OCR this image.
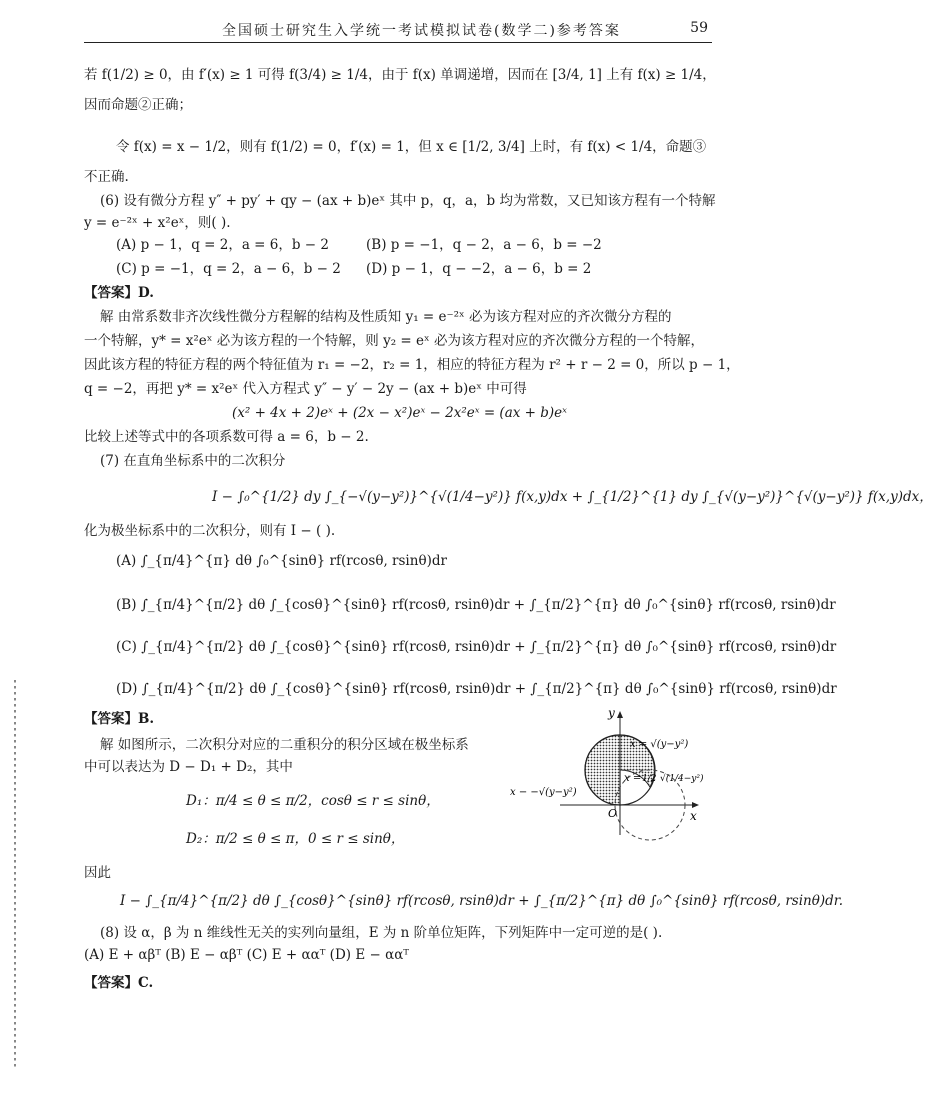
全国硕士研究生入学统一考试模拟试卷(数学二)参考答案	59
若 f(1/2) ≥ 0，由 f′(x) ≥ 1 可得 f(3/4) ≥ 1/4，由于 f(x) 单调递增，因而在 [3/4, 1] 上有 f(x) ≥ 1/4，
因而命题②正确；
令 f(x) = x − 1/2，则有 f(1/2) = 0，f′(x) = 1，但 x ∈ [1/2, 3/4] 上时，有 f(x) < 1/4，命题③
不正确.
(6) 设有微分方程 y″ + py′ + qy − (ax + b)eˣ 其中 p，q，a，b 均为常数，又已知该方程有一个特解
y = e⁻²ˣ + x²eˣ，则( ).
(A) p − 1，q = 2，a = 6，b − 2	(B) p = −1，q − 2，a − 6，b = −2
(C) p = −1，q = 2，a − 6，b − 2 (D) p − 1，q − −2，a − 6，b = 2
【答案】D.
解 由常系数非齐次线性微分方程解的结构及性质知 y₁ = e⁻²ˣ 必为该方程对应的齐次微分方程的
一个特解，y* = x²eˣ 必为该方程的一个特解，则 y₂ = eˣ 必为该方程对应的齐次微分方程的一个特解，
因此该方程的特征方程的两个特征值为 r₁ = −2，r₂ = 1，相应的特征方程为 r² + r − 2 = 0，所以 p − 1，
q = −2，再把 y* = x²eˣ 代入方程式 y″ − y′ − 2y − (ax + b)eˣ 中可得
(x² + 4x + 2)eˣ + (2x − x²)eˣ − 2x²eˣ = (ax + b)eˣ
比较上述等式中的各项系数可得 a = 6，b − 2.
(7) 在直角坐标系中的二次积分
I − ∫₀^{1/2} dy ∫_{−√(y−y²)}^{√(1/4−y²)} f(x,y)dx + ∫_{1/2}^{1} dy ∫_{√(y−y²)}^{√(y−y²)} f(x,y)dx，
化为极坐标系中的二次积分，则有 I − ( ).
(A) ∫_{π/4}^{π} dθ ∫₀^{sinθ} rf(rcosθ, rsinθ)dr
(B) ∫_{π/4}^{π/2} dθ ∫_{cosθ}^{sinθ} rf(rcosθ, rsinθ)dr + ∫_{π/2}^{π} dθ ∫₀^{sinθ} rf(rcosθ, rsinθ)dr
(C) ∫_{π/4}^{π/2} dθ ∫_{cosθ}^{sinθ} rf(rcosθ, rsinθ)dr + ∫_{π/2}^{π} dθ ∫₀^{sinθ} rf(rcosθ, rsinθ)dr
(D) ∫_{π/4}^{π/2} dθ ∫_{cosθ}^{sinθ} rf(rcosθ, rsinθ)dr + ∫_{π/2}^{π} dθ ∫₀^{sinθ} rf(rcosθ, rsinθ)dr
【答案】B.
解 如图所示，二次积分对应的二重积分的积分区域在极坐标系
中可以表达为 D − D₁ + D₂，其中
D₁：π/4 ≤ θ ≤ π/2，cosθ ≤ r ≤ sinθ，
D₂：π/2 ≤ θ ≤ π，0 ≤ r ≤ sinθ，
因此
I − ∫_{π/4}^{π/2} dθ ∫_{cosθ}^{sinθ} rf(rcosθ, rsinθ)dr + ∫_{π/2}^{π} dθ ∫₀^{sinθ} rf(rcosθ, rsinθ)dr.
(8) 设 α，β 为 n 维线性无关的实列向量组，E 为 n 阶单位矩阵，下列矩阵中一定可逆的是( ).
(A) E + αβᵀ (B) E − αβᵀ (C) E + ααᵀ (D) E − ααᵀ
【答案】C.
y
x
O
x = √(y−y²)
x − −√(y−y²)
x = 1/2 √(1/4−y²)
